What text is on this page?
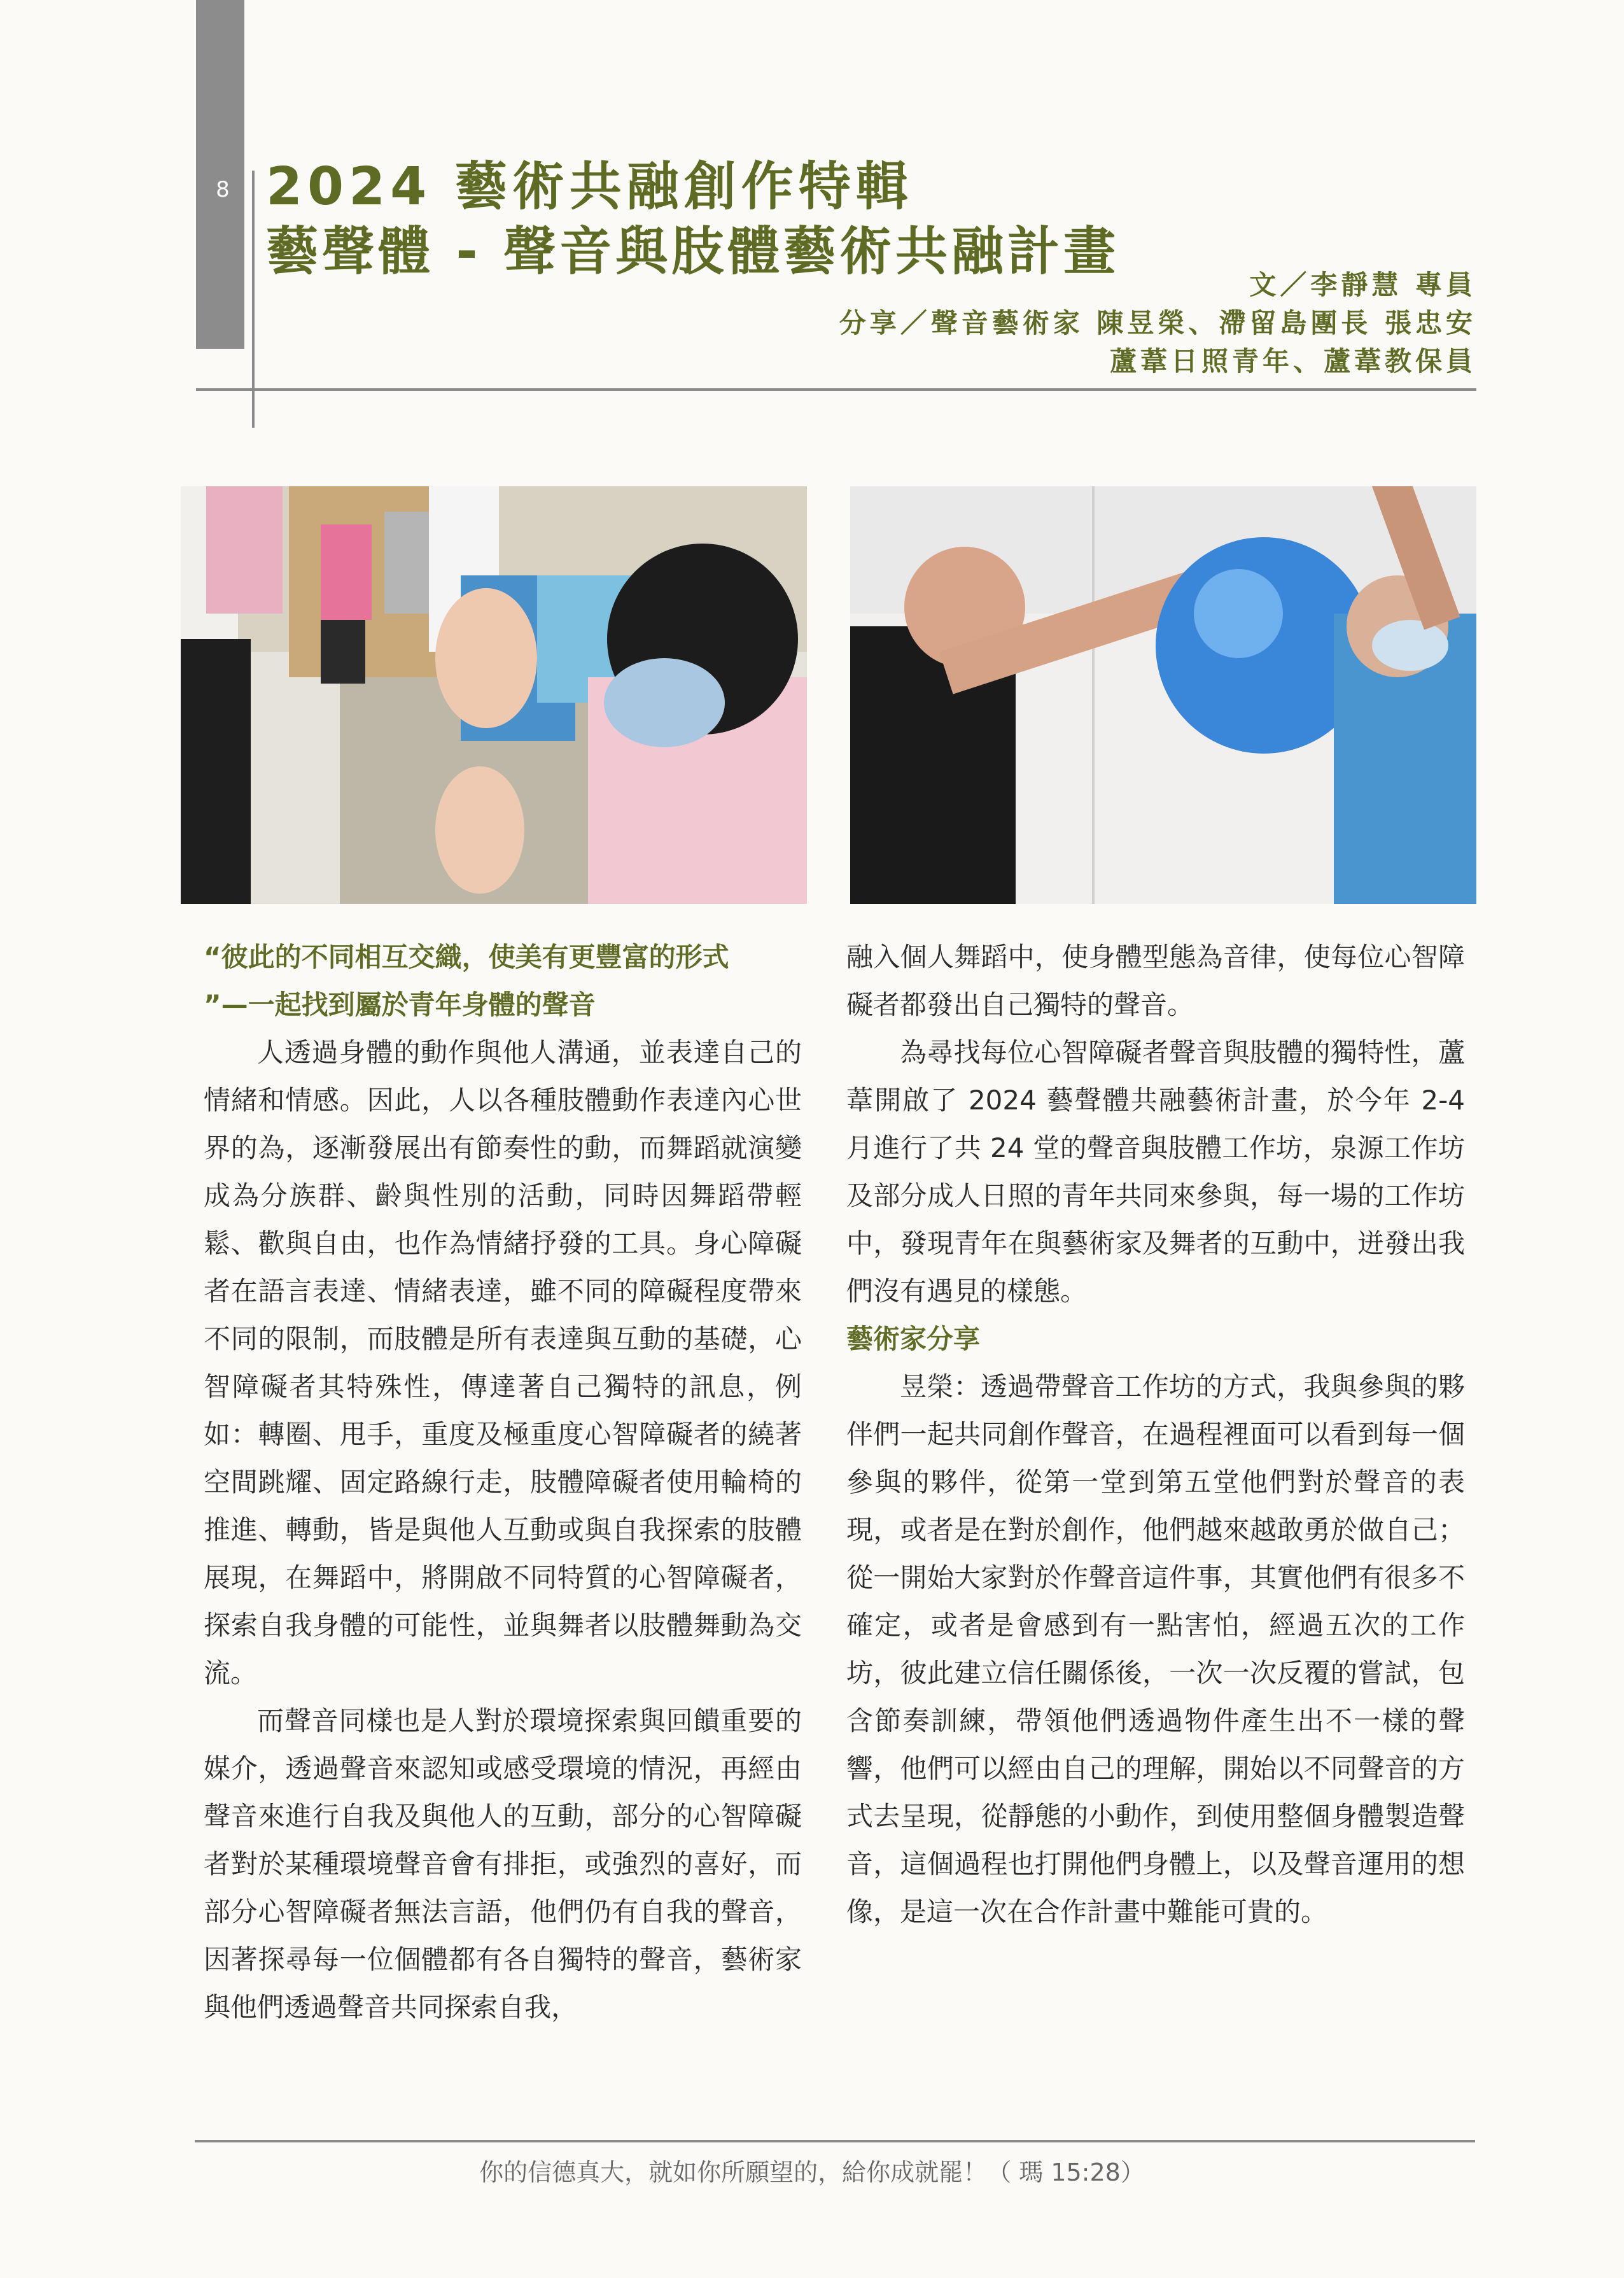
8 2024 藝術共融創作特輯
藝聲體 - 聲音與肢體藝術共融計畫
文／李靜慧 專員
分享／聲音藝術家 陳昱榮、滯留島團長 張忠安
蘆葦日照青年、蘆葦教保員
“彼此的不同相互交織，使美有更豐富的形式
”—一起找到屬於青年身體的聲音

人透過身體的動作與他人溝通，並表達自己的情緒和情感。因此，人以各種肢體動作表達內心世界的為，逐漸發展出有節奏性的動，而舞蹈就演變成為分族群、齡與性別的活動，同時因舞蹈帶輕鬆、歡與自由，也作為情緒抒發的工具。身心障礙者在語言表達、情緒表達，雖不同的障礙程度帶來不同的限制，而肢體是所有表達與互動的基礎，心智障礙者其特殊性，傳達著自己獨特的訊息，例如：轉圈、甩手，重度及極重度心智障礙者的繞著空間跳耀、固定路線行走，肢體障礙者使用輪椅的推進、轉動，皆是與他人互動或與自我探索的肢體展現，在舞蹈中，將開啟不同特質的心智障礙者，探索自我身體的可能性，並與舞者以肢體舞動為交流。

而聲音同樣也是人對於環境探索與回饋重要的媒介，透過聲音來認知或感受環境的情況，再經由聲音來進行自我及與他人的互動，部分的心智障礙者對於某種環境聲音會有排拒，或強烈的喜好，而部分心智障礙者無法言語，他們仍有自我的聲音，因著探尋每一位個體都有各自獨特的聲音，藝術家與他們透過聲音共同探索自我，

融入個人舞蹈中，使身體型態為音律，使每位心智障礙者都發出自己獨特的聲音。

為尋找每位心智障礙者聲音與肢體的獨特性，蘆葦開啟了 2024 藝聲體共融藝術計畫，於今年 2-4 月進行了共 24 堂的聲音與肢體工作坊，泉源工作坊及部分成人日照的青年共同來參與，每一場的工作坊中，發現青年在與藝術家及舞者的互動中，迸發出我們沒有遇見的樣態。

藝術家分享

昱榮：透過帶聲音工作坊的方式，我與參與的夥伴們一起共同創作聲音，在過程裡面可以看到每一個參與的夥伴，從第一堂到第五堂他們對於聲音的表現，或者是在對於創作，他們越來越敢勇於做自己；從一開始大家對於作聲音這件事，其實他們有很多不確定，或者是會感到有一點害怕，經過五次的工作坊，彼此建立信任關係後，一次一次反覆的嘗試，包含節奏訓練，帶領他們透過物件產生出不一樣的聲響，他們可以經由自己的理解，開始以不同聲音的方式去呈現，從靜態的小動作，到使用整個身體製造聲音，這個過程也打開他們身體上，以及聲音運用的想像，是這一次在合作計畫中難能可貴的。

你的信德真大，就如你所願望的，給你成就罷！（ 瑪 15:28）
